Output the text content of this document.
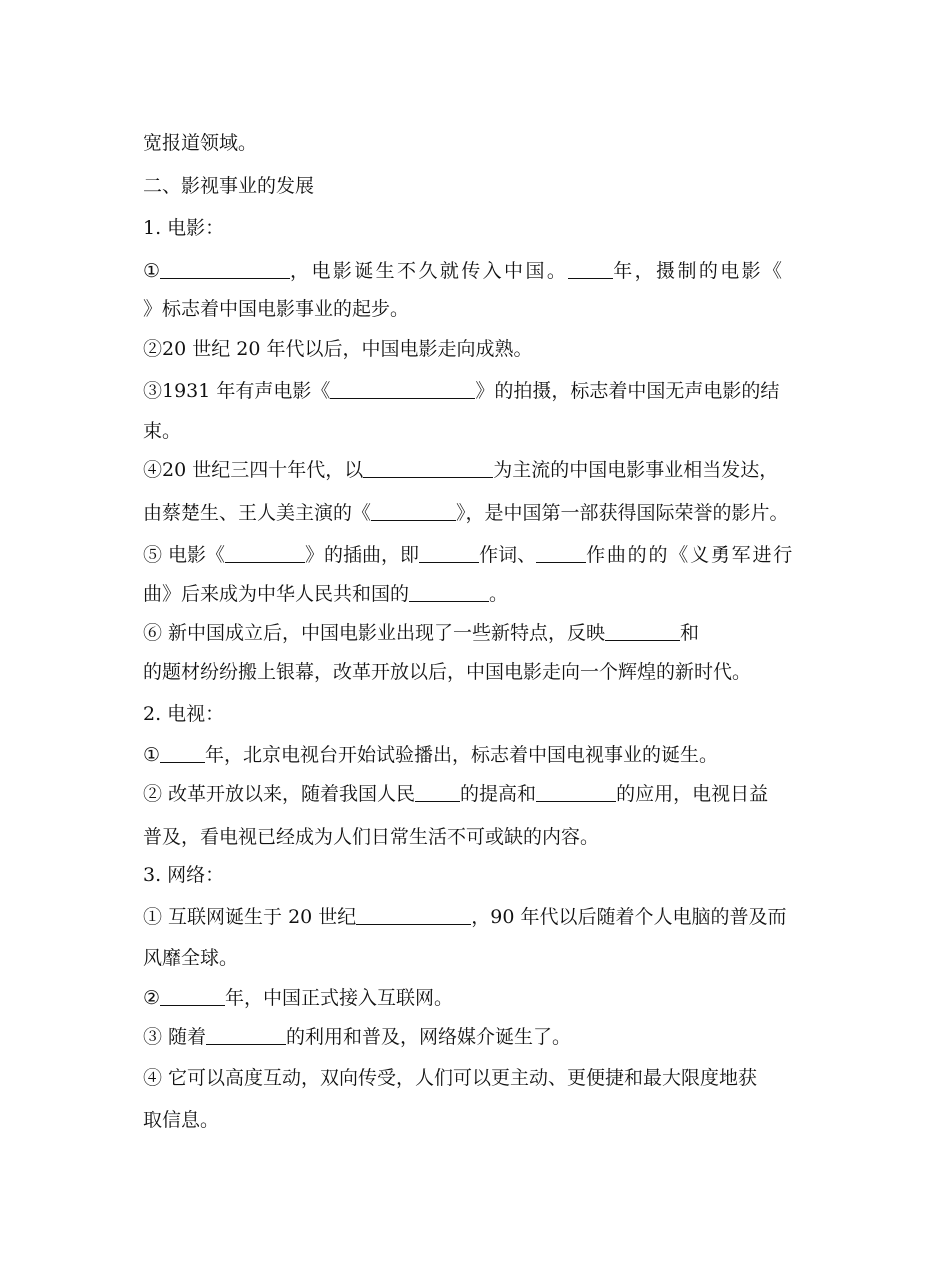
宽报道领域。
二、影视事业的发展
1. 电影：
①	，电影诞生不久就传入中国。 年，摄制的电影《
》标志着中国电影事业的起步。
②20 世纪 20 年代以后，中国电影走向成熟。
③1931 年有声电影《	》的拍摄，标志着中国无声电影的结
束。
④20 世纪三四十年代，以	为主流的中国电影事业相当发达，
由蔡楚生、王人美主演的《	》，是中国第一部获得国际荣誉的影片。
⑤ 电影《	》的插曲，即	作词、	作曲的的《义勇军进行
曲》后来成为中华人民共和国的	。
⑥ 新中国成立后，中国电影业出现了一些新特点，反映	和
的题材纷纷搬上银幕，改革开放以后，中国电影走向一个辉煌的新时代。
2. 电视：
① 年，北京电视台开始试验播出，标志着中国电视事业的诞生。
② 改革开放以来，随着我国人民 的提高和	的应用，电视日益
普及，看电视已经成为人们日常生活不可或缺的内容。
3. 网络：
① 互联网诞生于 20 世纪	，90 年代以后随着个人电脑的普及而
风靡全球。
②	年，中国正式接入互联网。
③ 随着	的利用和普及，网络媒介诞生了。
④ 它可以高度互动，双向传受，人们可以更主动、更便捷和最大限度地获
取信息。
